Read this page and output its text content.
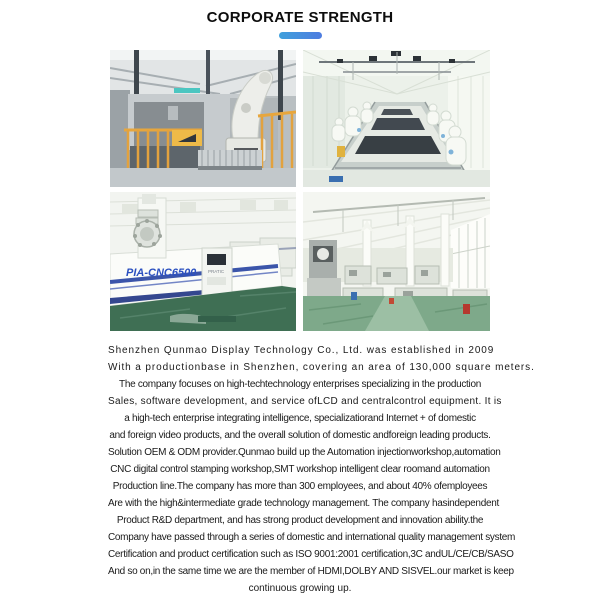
CORPORATE STRENGTH
PIA-CNC6500	PRATIC
Shenzhen Qunmao Display Technology Co., Ltd. was established in 2009
With a productionbase in Shenzhen, covering an area of 130,000 square meters.
The company focuses on high-techtechnology enterprises specializing in the production
Sales, software development, and service ofLCD and centralcontrol equipment. It is
a high-tech enterprise integrating intelligence, specializatiorand Internet + of domestic
and foreign video products, and the overall solution of domestic andforeign leading products.
Solution OEM & ODM provider.Qunmao build up the Automation injectionworkshop,automation
CNC digital control stamping workshop,SMT workshop intelligent clear roomand automation
Production line.The company has more than 300 employees, and about 40% ofemployees
Are with the high&intermediate grade technology management. The company hasindependent
Product R&D department, and has strong product development and innovation ability.the
Company have passed through a series of domestic and international quality management system
Certification and product certification such as ISO 9001:2001 certification,3C andUL/CE/CB/SASO
And so on,in the same time we are the member of HDMI,DOLBY AND SISVEL.our market is keep
continuous growing up.
